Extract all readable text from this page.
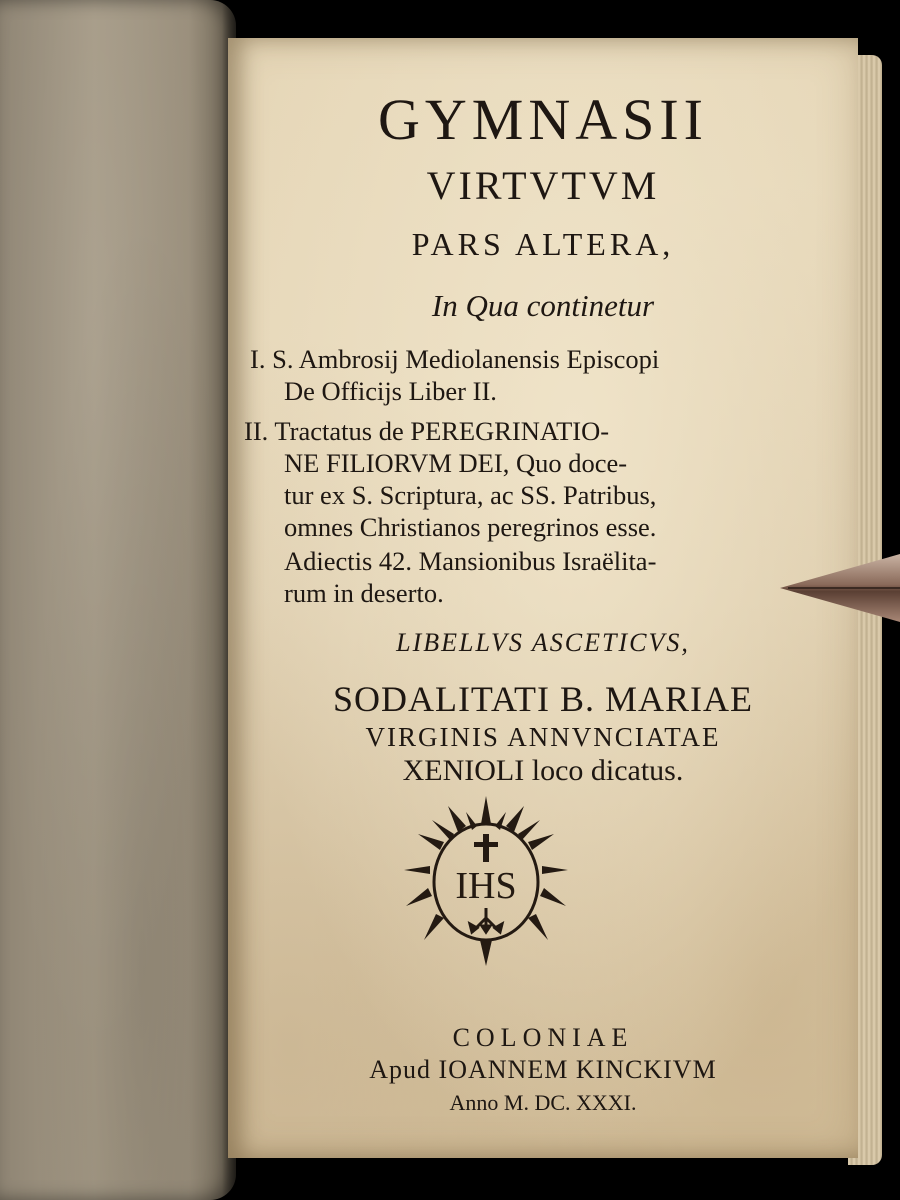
GYMNASII
VIRTVTVM
PARS ALTERA,
In Qua continetur
I. S. Ambrosij Mediolanensis Episcopi
De Officijs Liber II.
II. Tractatus de PEREGRINATIO-
NE FILIORVM DEI, Quo doce-
tur ex S. Scriptura, ac SS. Patribus,
omnes Christianos peregrinos esse.
Adiectis 42. Mansionibus Israëlita-
rum in deserto.
LIBELLVS ASCETICVS,
SODALITATI B. MARIAE
VIRGINIS ANNVNCIATAE
XENIOLI loco dicatus.
IHS
COLONIAE
Apud IOANNEM KINCKIVM
Anno M. DC. XXXI.
